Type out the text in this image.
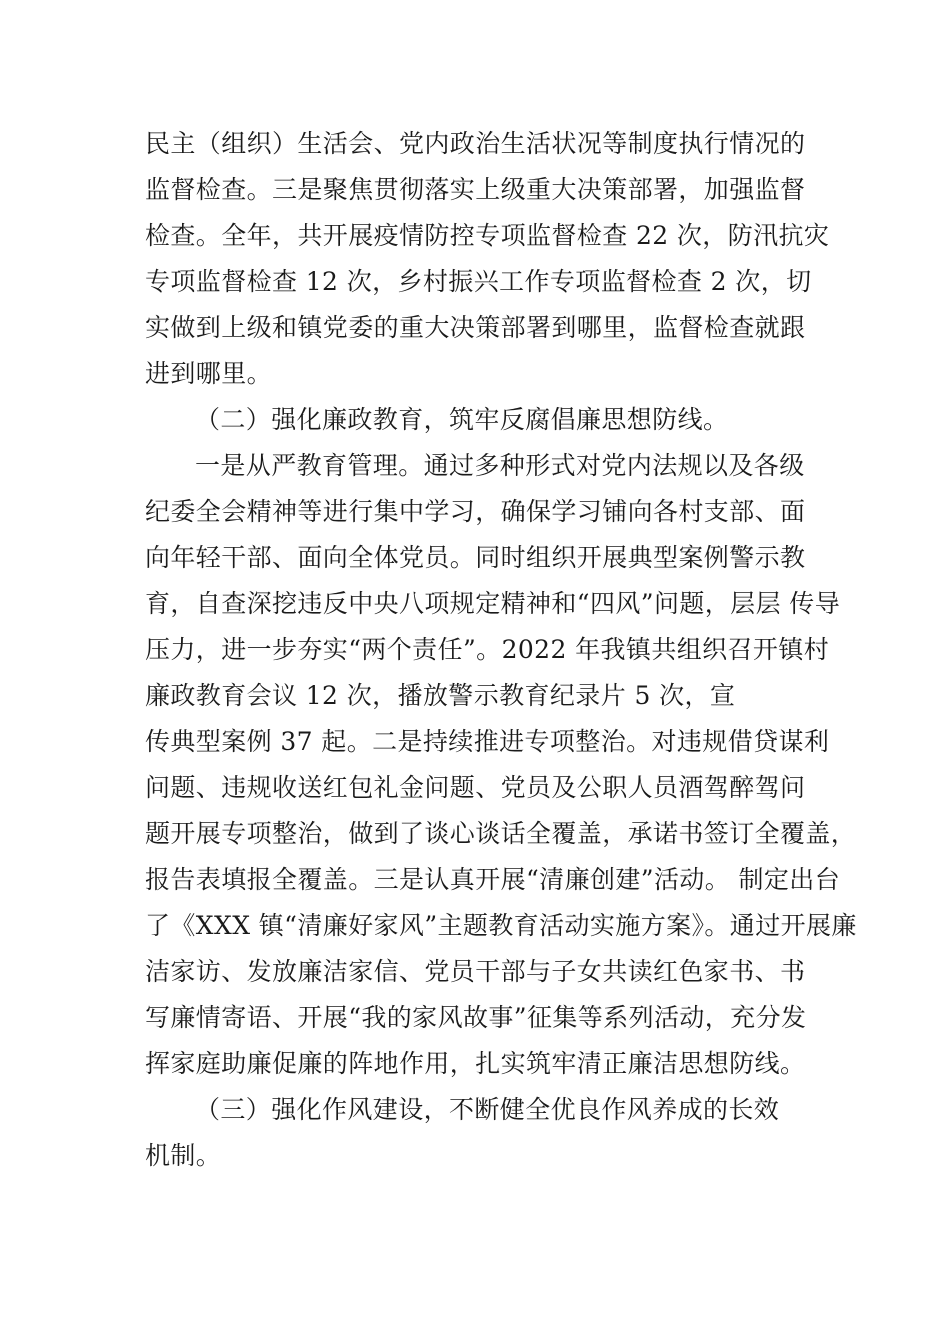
民主（组织）生活会、党内政治生活状况等制度执行情况的
监督检查。三是聚焦贯彻落实上级重大决策部署，加强监督
检查。全年，共开展疫情防控专项监督检查 22 次，防汛抗灾
专项监督检查 12 次，乡村振兴工作专项监督检查 2 次，切
实做到上级和镇党委的重大决策部署到哪里，监督检查就跟
进到哪里。
（二）强化廉政教育，筑牢反腐倡廉思想防线。
一是从严教育管理。通过多种形式对党内法规以及各级
纪委全会精神等进行集中学习，确保学习铺向各村支部、面
向年轻干部、面向全体党员。同时组织开展典型案例警示教
育，自查深挖违反中央八项规定精神和“四风”问题，层层 传导
压力，进一步夯实“两个责任”。2022 年我镇共组织召开镇村
廉政教育会议 12 次，播放警示教育纪录片 5 次，宣
传典型案例 37 起。二是持续推进专项整治。对违规借贷谋利
问题、违规收送红包礼金问题、党员及公职人员酒驾醉驾问
题开展专项整治，做到了谈心谈话全覆盖，承诺书签订全覆盖，
报告表填报全覆盖。三是认真开展“清廉创建”活动。 制定出台
了《XXX 镇“清廉好家风”主题教育活动实施方案》。通过开展廉
洁家访、发放廉洁家信、党员干部与子女共读红色家书、书
写廉情寄语、开展“我的家风故事”征集等系列活动，充分发
挥家庭助廉促廉的阵地作用，扎实筑牢清正廉洁思想防线。
（三）强化作风建设，不断健全优良作风养成的长效
机制。
